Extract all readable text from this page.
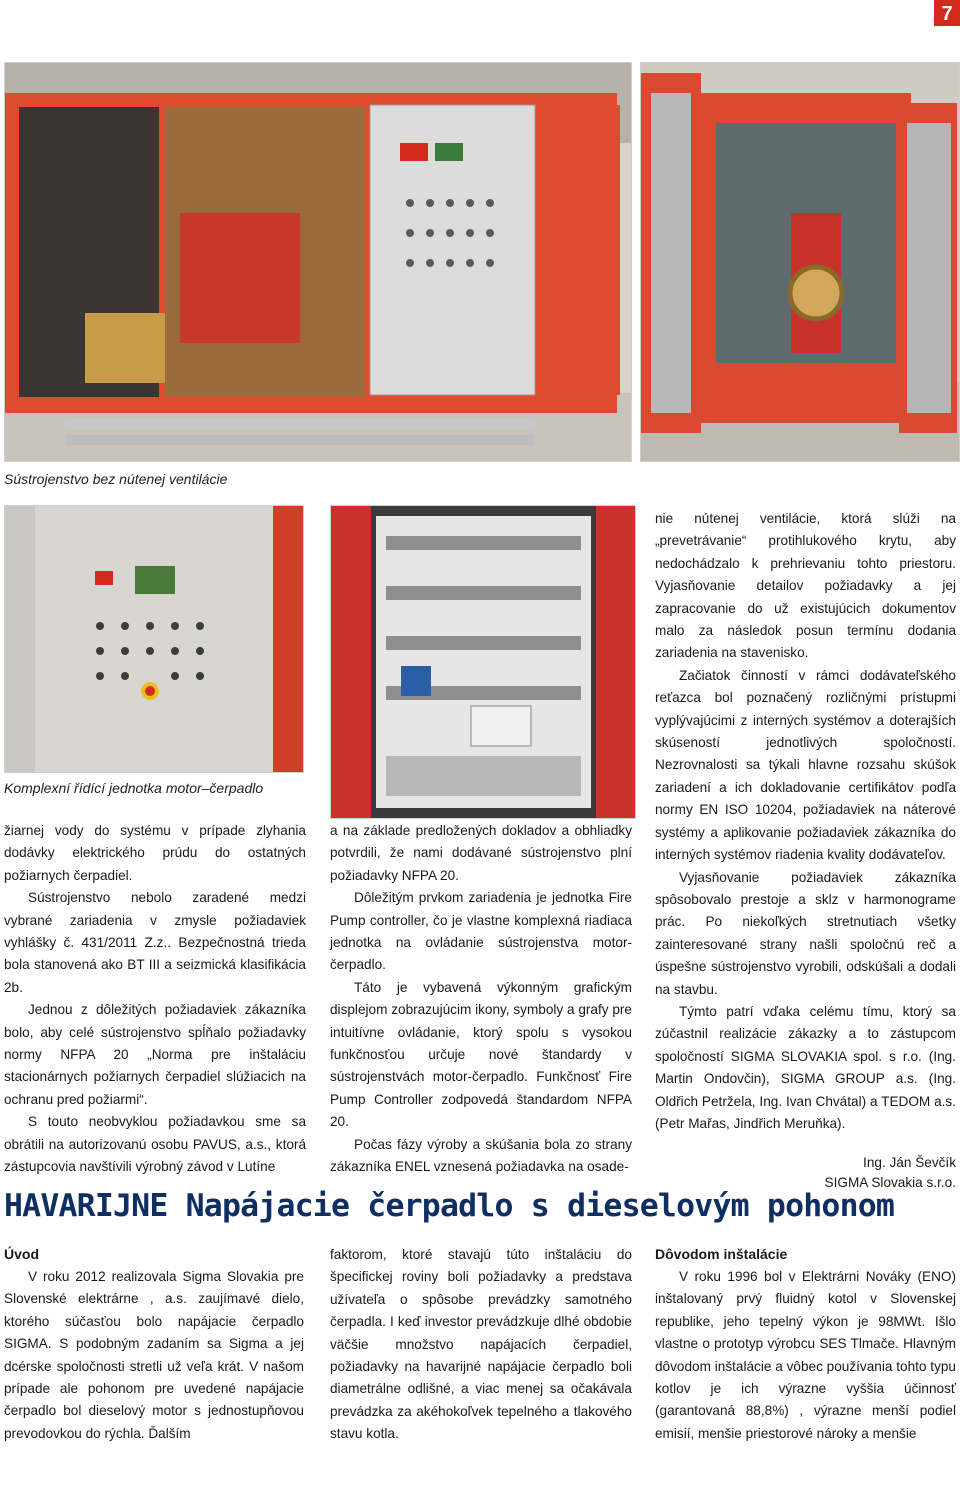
7
Sústrojenstvo bez nútenej ventilácie
Komplexní řídící jednotka motor–čerpadlo

žiarnej vody do systému v prípade zlyhania dodávky elektrického prúdu do ostatných požiarnych čerpadiel.

Sústrojenstvo nebolo zaradené medzi vybrané zariadenia v zmysle požiadaviek vyhlášky č. 431/2011 Z.z.. Bezpečnostná trieda bola stanovená ako BT III a seizmická klasifikácia 2b.

Jednou z dôležitých požiadaviek zákazníka bolo, aby celé sústrojenstvo spĺňalo požiadavky normy NFPA 20 „Norma pre inštaláciu stacionárnych požiarnych čerpadiel slúžiacich na ochranu pred požiarmi“.

S touto neobvyklou požiadavkou sme sa obrátili na autorizovanú osobu PAVUS, a.s., ktorá zástupcovia navštívili výrobný závod v Lutíne

a na základe predložených dokladov a obhliadky potvrdili, že nami dodávané sústrojenstvo plní požiadavky NFPA 20.

Dôležitým prvkom zariadenia je jednotka Fire Pump controller, čo je vlastne komplexná riadiaca jednotka na ovládanie sústrojenstva motor-čerpadlo.

Táto je vybavená výkonným grafickým displejom zobrazujúcim ikony, symboly a grafy pre intuitívne ovládanie, ktorý spolu s vysokou funkčnosťou určuje nové štandardy v sústrojenstvách motor-čerpadlo. Funkčnosť Fire Pump Controller zodpovedá štandardom NFPA 20.

Počas fázy výroby a skúšania bola zo strany zákazníka ENEL vznesená požiadavka na osade-

nie nútenej ventilácie, ktorá slúži na „prevetrávanie“ protihlukového krytu, aby nedochádzalo k prehrievaniu tohto priestoru. Vyjasňovanie detailov požiadavky a jej zapracovanie do už existujúcich dokumentov malo za následok posun termínu dodania zariadenia na stavenisko.

Začiatok činností v rámci dodávateľského reťazca bol poznačený rozličnými prístupmi vyplývajúcimi z interných systémov a doterajších skúseností jednotlivých spoločností. Nezrovnalosti sa týkali hlavne rozsahu skúšok zariadení a ich dokladovanie certifikátov podľa normy EN ISO 10204, požiadaviek na náterové systémy a aplikovanie požiadaviek zákazníka do interných systémov riadenia kvality dodávateľov.

Vyjasňovanie požiadaviek zákazníka spôsobovalo prestoje a sklz v harmonograme prác. Po niekoľkých stretnutiach všetky zainteresované strany našli spoločnú reč a úspešne sústrojenstvo vyrobili, odskúšali a dodali na stavbu.

Týmto patrí vďaka celému tímu, ktorý sa zúčastnil realizácie zákazky a to zástupcom spoločností SIGMA SLOVAKIA spol. s r.o. (Ing. Martin Ondovčin), SIGMA GROUP a.s. (Ing. Oldřich Petržela, Ing. Ivan Chvátal) a TEDOM a.s. (Petr Mařas, Jindřich Meruňka).

Ing. Ján Ševčík

SIGMA Slovakia s.r.o.

HAVARIJNE Napájacie čerpadlo s dieselovým pohonom
Úvod

V roku 2012 realizovala Sigma Slovakia pre Slovenské elektrárne , a.s. zaujímavé dielo, ktorého súčasťou bolo napájacie čerpadlo SIGMA. S podobným zadaním sa Sigma a jej dcérske spoločnosti stretli už veľa krát. V našom prípade ale pohonom pre uvedené napájacie čerpadlo bol dieselový motor s jednostupňovou prevodovkou do rýchla. Ďalším

faktorom, ktoré stavajú túto inštaláciu do špecifickej roviny boli požiadavky a predstava užívateľa o spôsobe prevádzky samotného čerpadla. I keď investor prevádzkuje dlhé obdobie väčšie množstvo napájacích čerpadiel, požiadavky na havarijné napájacie čerpadlo boli diametrálne odlišné, a viac menej sa očakávala prevádzka za akéhokoľvek tepelného a tlakového stavu kotla.

Dôvodom inštalácie

V roku 1996 bol v Elektrárni Nováky (ENO) inštalovaný prvý fluidný kotol v Slovenskej republike, jeho tepelný výkon je 98MWt. Išlo vlastne o prototyp výrobcu SES Tlmače. Hlavným dôvodom inštalácie a vôbec používania tohto typu kotlov je ich výrazne vyššia účinnosť (garantovaná 88,8%) , výrazne menší podiel emisií, menšie priestorové nároky a menšie
